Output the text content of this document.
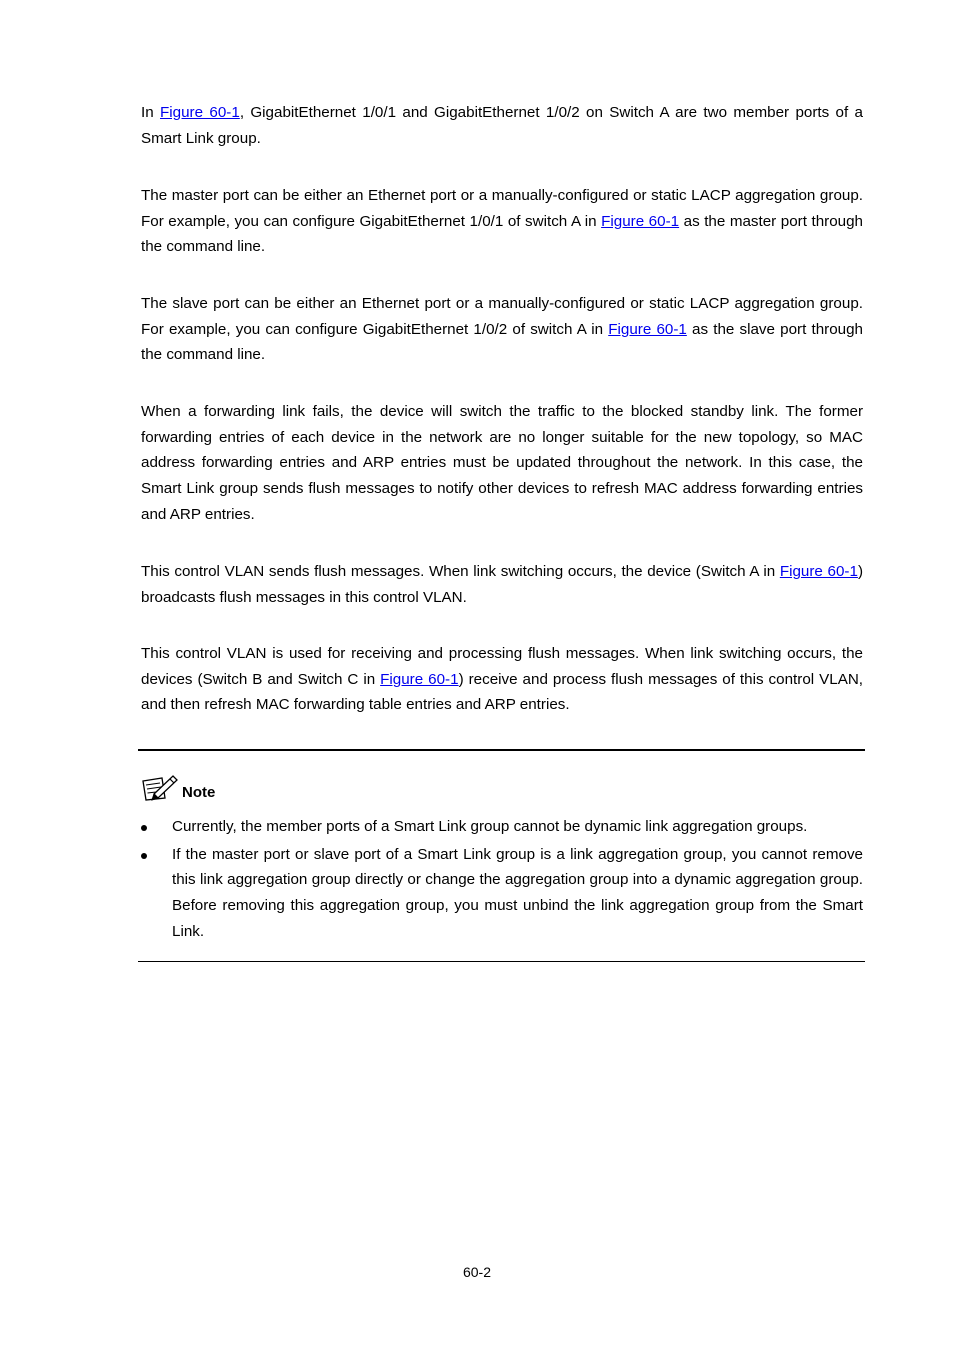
In Figure 60-1, GigabitEthernet 1/0/1 and GigabitEthernet 1/0/2 on Switch A are two member ports of a Smart Link group.

The master port can be either an Ethernet port or a manually-configured or static LACP aggregation group. For example, you can configure GigabitEthernet 1/0/1 of switch A in Figure 60-1 as the master port through the command line.

The slave port can be either an Ethernet port or a manually-configured or static LACP aggregation group. For example, you can configure GigabitEthernet 1/0/2 of switch A in Figure 60-1 as the slave port through the command line.

When a forwarding link fails, the device will switch the traffic to the blocked standby link. The former forwarding entries of each device in the network are no longer suitable for the new topology, so MAC address forwarding entries and ARP entries must be updated throughout the network. In this case, the Smart Link group sends flush messages to notify other devices to refresh MAC address forwarding entries and ARP entries.

This control VLAN sends flush messages. When link switching occurs, the device (Switch A in Figure 60-1) broadcasts flush messages in this control VLAN.

This control VLAN is used for receiving and processing flush messages. When link switching occurs, the devices (Switch B and Switch C in Figure 60-1) receive and process flush messages of this control VLAN, and then refresh MAC forwarding table entries and ARP entries.

Note
Currently, the member ports of a Smart Link group cannot be dynamic link aggregation groups.
If the master port or slave port of a Smart Link group is a link aggregation group, you cannot remove this link aggregation group directly or change the aggregation group into a dynamic aggregation group. Before removing this aggregation group, you must unbind the link aggregation group from the Smart Link.
60-2
